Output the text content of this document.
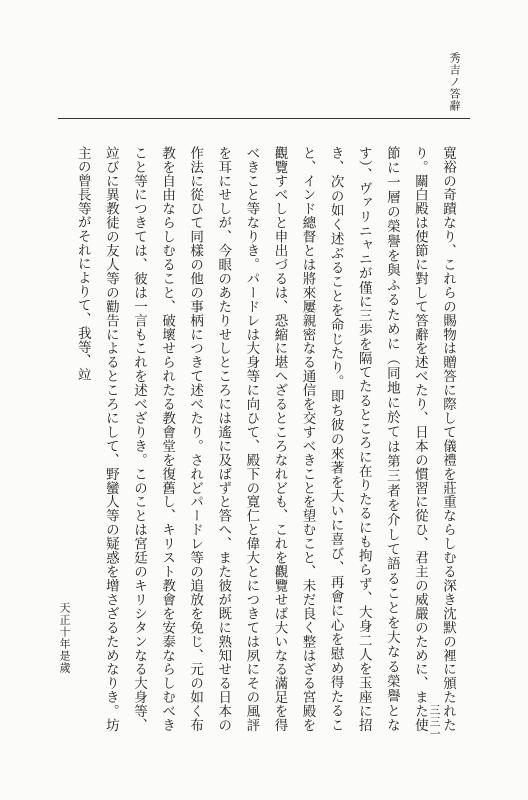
秀吉ノ答辭

寛裕の奇蹟なり、これらの賜物は贈答に際して儀禮を莊重ならしむる深き沈默の裡に頒たれたり。關白殿は使節に對して答辭を述べたり、日本の慣習に從ひ、君主の威嚴のために、また使節に一層の榮譽を與ふるために（同地に於ては第三者を介して語ることを大なる榮譽となす）、ヴァリニャニが僅に三歩を隔てたるところに在りたるにも拘らず、大身二人を玉座に招き、次の如く述ぶることを命じたり。即ち彼の來著を大いに喜び、再會に心を慰め得たること、インド總督とは將來屢親密なる通信を交すべきことを望むこと、未だ良く整はざる宮殿を觀覽すべしと申出づるは、恐縮に堪へざるところなれども、これを觀覽せば大いなる滿足を得べきこと等なりき。パードレは大身等に向ひて、殿下の寛仁と偉大とにつきては夙にその風評を耳にせしが、今眼のあたりせしところには遙に及ばずと答へ、また彼が既に熟知せる日本の作法に從ひて同樣の他の事柄につきて述べたり。されどパードレ等の追放を免じ、元の如く布教を自由ならしむること、破壞せられたる教會堂を復舊し、キリスト教會を安泰ならしむべきこと等につきては、彼は一言もこれを述べざりき。このことは宮廷のキリシタンなる大身等、竝びに異教徒の友人等の勸告によるところにして、野蠻人等の疑惑を增さざるためなりき。坊主の曾長等がそれによりて、我等、竝

天正十年是歲
三三一
